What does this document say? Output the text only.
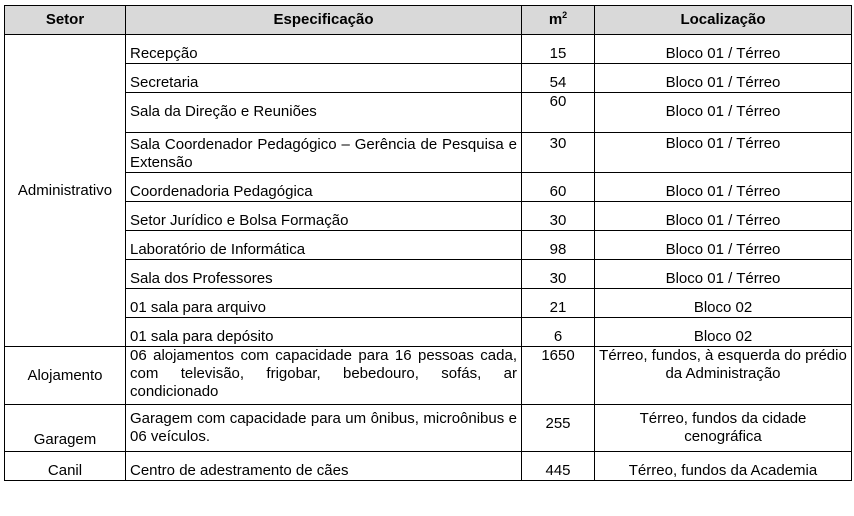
Setor	Especificação	$m^2$	Localização
Administrativo	Recepção	15	Bloco 01 / Térreo
	Secretaria	54	Bloco 01 / Térreo
	Sala da Direção e Reuniões	60	Bloco 01 / Térreo
	Sala Coordenador Pedagógico – Gerência de Pesquisa e Extensão	30	Bloco 01 / Térreo
	Coordenadoria Pedagógica	60	Bloco 01 / Térreo
	Setor Jurídico e Bolsa Formação	30	Bloco 01 / Térreo
	Laboratório de Informática	98	Bloco 01 / Térreo
	Sala dos Professores	30	Bloco 01 / Térreo
	01 sala para arquivo	21	Bloco 02
	01 sala para depósito	6	Bloco 02
Alojamento	06 alojamentos com capacidade para 16 pessoas cada, com televisão, frigobar, bebedouro, sofás, ar condicionado	1650	Térreo, fundos, à esquerda do prédio da Administração
Garagem	Garagem com capacidade para um ônibus, microônibus e 06 veículos.	255	Térreo, fundos da cidade cenográfica
Canil	Centro de adestramento de cães	445	Térreo, fundos da Academia
